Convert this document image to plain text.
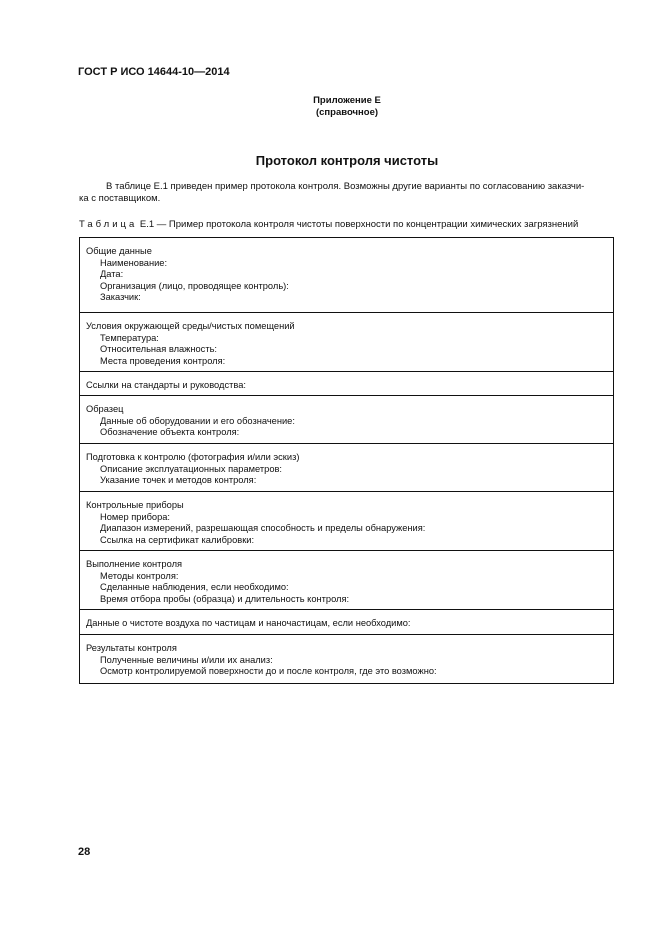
ГОСТ Р ИСО 14644-10—2014
Приложение Е
(справочное)
Протокол контроля чистоты
В таблице Е.1 приведен пример протокола контроля. Возможны другие варианты по согласованию заказчи-
ка с поставщиком.
Таблица Е.1 — Пример протокола контроля чистоты поверхности по концентрации химических загрязнений
Общие данные
Наименование:
Дата:
Организация (лицо, проводящее контроль):
Заказчик:
Условия окружающей среды/чистых помещений
Температура:
Относительная влажность:
Места проведения контроля:
Ссылки на стандарты и руководства:
Образец
Данные об оборудовании и его обозначение:
Обозначение объекта контроля:
Подготовка к контролю (фотография и/или эскиз)
Описание эксплуатационных параметров:
Указание точек и методов контроля:
Контрольные приборы
Номер прибора:
Диапазон измерений, разрешающая способность и пределы обнаружения:
Ссылка на сертификат калибровки:
Выполнение контроля
Методы контроля:
Сделанные наблюдения, если необходимо:
Время отбора пробы (образца) и длительность контроля:
Данные о чистоте воздуха по частицам и наночастицам, если необходимо:
Результаты контроля
Полученные величины и/или их анализ:
Осмотр контролируемой поверхности до и после контроля, где это возможно:
28
